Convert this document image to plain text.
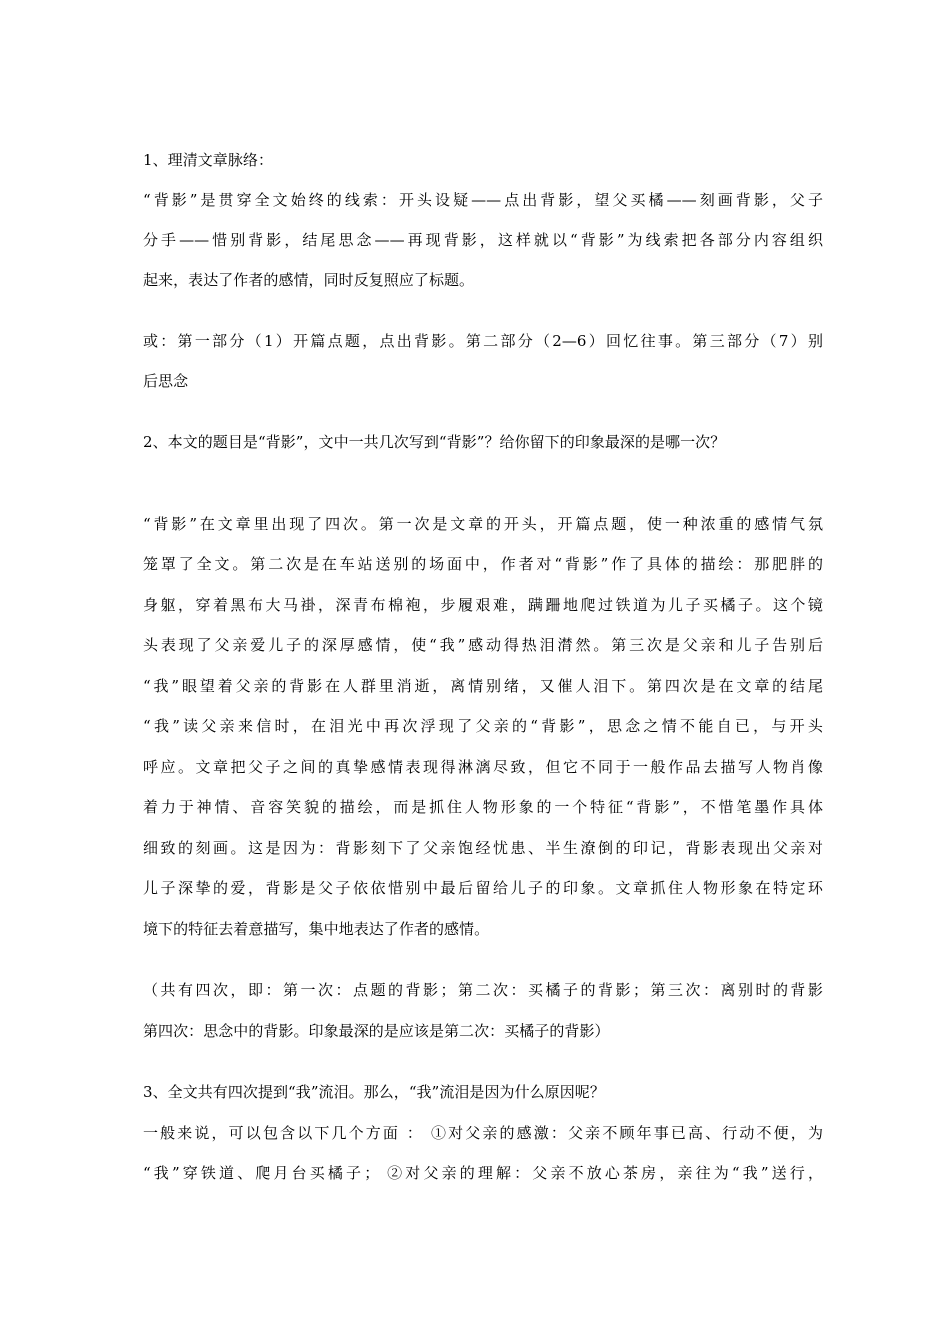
1、理清文章脉络：
“背影”是贯穿全文始终的线索：开头设疑——点出背影，望父买橘——刻画背影，父子
分手——惜别背影，结尾思念——再现背影，这样就以“背影”为线索把各部分内容组织
起来，表达了作者的感情，同时反复照应了标题。
或：第一部分（1）开篇点题，点出背影。第二部分（2—6）回忆往事。第三部分（7）别
后思念
2、本文的题目是“背影”，文中一共几次写到“背影”？给你留下的印象最深的是哪一次？
“背影”在文章里出现了四次。第一次是文章的开头，开篇点题，使一种浓重的感情气氛
笼罩了全文。第二次是在车站送别的场面中，作者对“背影”作了具体的描绘：那肥胖的
身躯，穿着黑布大马褂，深青布棉袍，步履艰难，蹒跚地爬过铁道为儿子买橘子。这个镜
头表现了父亲爱儿子的深厚感情，使“我”感动得热泪潸然。第三次是父亲和儿子告别后
“我”眼望着父亲的背影在人群里消逝，离情别绪，又催人泪下。第四次是在文章的结尾
“我”读父亲来信时，在泪光中再次浮现了父亲的“背影”，思念之情不能自已，与开头
呼应。文章把父子之间的真挚感情表现得淋漓尽致，但它不同于一般作品去描写人物肖像
着力于神情、音容笑貌的描绘，而是抓住人物形象的一个特征“背影”，不惜笔墨作具体
细致的刻画。这是因为：背影刻下了父亲饱经忧患、半生潦倒的印记，背影表现出父亲对
儿子深挚的爱，背影是父子依依惜别中最后留给儿子的印象。文章抓住人物形象在特定环
境下的特征去着意描写，集中地表达了作者的感情。
（共有四次，即：第一次：点题的背影；第二次：买橘子的背影；第三次：离别时的背影
第四次：思念中的背影。印象最深的是应该是第二次：买橘子的背影）
3、全文共有四次提到“我”流泪。那么，“我”流泪是因为什么原因呢？
一般来说，可以包含以下几个方面 ： ①对父亲的感激：父亲不顾年事已高、行动不便，为
“我”穿铁道、爬月台买橘子； ②对父亲的理解：父亲不放心茶房，亲往为“我”送行，
